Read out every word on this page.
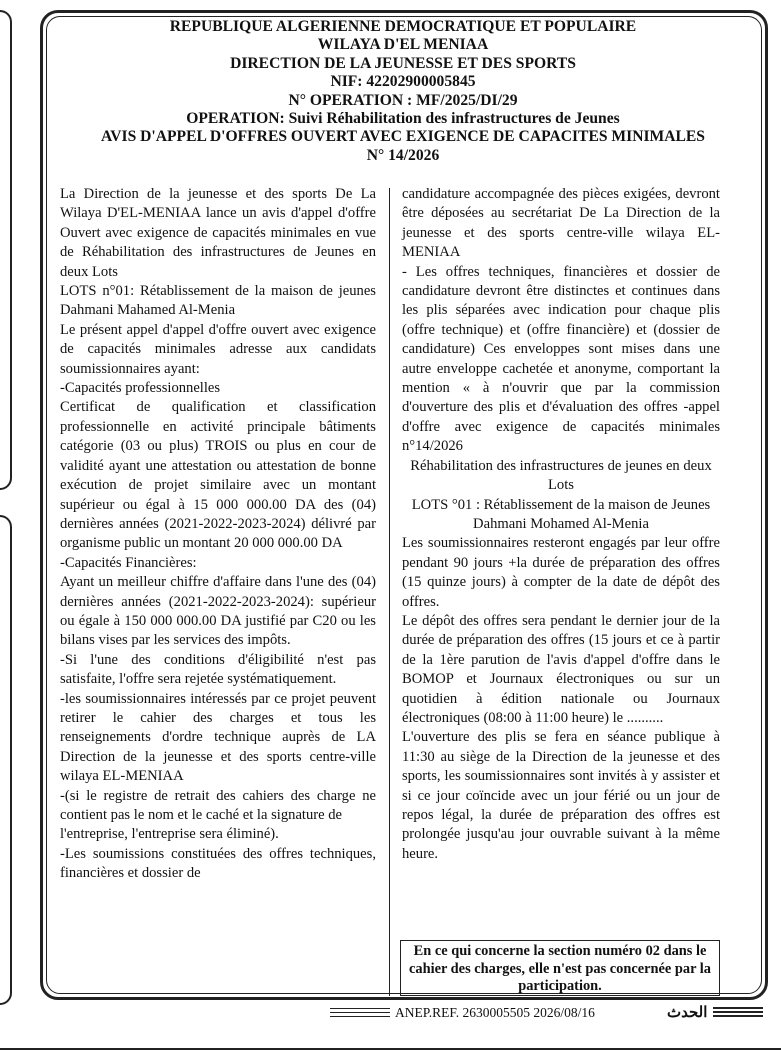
REPUBLIQUE ALGERIENNE DEMOCRATIQUE ET POPULAIRE
WILAYA D'EL MENIAA
DIRECTION DE LA JEUNESSE ET DES SPORTS
NIF: 42202900005845
N° OPERATION : MF/2025/DI/29
OPERATION: Suivi Réhabilitation des infrastructures de Jeunes
AVIS D'APPEL D'OFFRES OUVERT AVEC EXIGENCE DE CAPACITES MINIMALES
N° 14/2026

La Direction de la jeunesse et des sports De La Wilaya D'EL-MENIAA lance un avis d'appel d'offre Ouvert avec exigence de capacités minimales en vue de Réhabilitation des infrastructures de Jeunes en deux Lots

LOTS n°01: Rétablissement de la maison de jeunes Dahmani Mahamed Al-Menia

Le présent appel d'appel d'offre ouvert avec exigence de capacités minimales adresse aux candidats soumissionnaires ayant:

-Capacités professionnelles

Certificat de qualification et classification professionnelle en activité principale bâtiments catégorie (03 ou plus) TROIS ou plus en cour de validité ayant une attestation ou attestation de bonne exécution de projet similaire avec un montant supérieur ou égal à 15 000 000.00 DA des (04) dernières années (2021-2022-2023-2024) délivré par organisme public un montant 20 000 000.00 DA

-Capacités Financières:

Ayant un meilleur chiffre d'affaire dans l'une des (04) dernières années (2021-2022-2023-2024): supérieur ou égale à 150 000 000.00 DA justifié par C20 ou les bilans vises par les services des impôts.

-Si l'une des conditions d'éligibilité n'est pas satisfaite, l'offre sera rejetée systématiquement.

-les soumissionnaires intéressés par ce projet peuvent retirer le cahier des charges et tous les renseignements d'ordre technique auprès de LA Direction de la jeunesse et des sports centre-ville wilaya EL-MENIAA

-(si le registre de retrait des cahiers des charge ne contient pas le nom et le caché et la signature de

l'entreprise, l'entreprise sera éliminé).

-Les soumissions constituées des offres techniques, financières et dossier de

candidature accompagnée des pièces exigées, devront être déposées au secrétariat De La Direction de la jeunesse et des sports centre-ville wilaya EL-MENIAA

- Les offres techniques, financières et dossier de candidature devront être distinctes et continues dans les plis séparées avec indication pour chaque plis (offre technique) et (offre financière) et (dossier de candidature) Ces enveloppes sont mises dans une autre enveloppe cachetée et anonyme, comportant la mention « à n'ouvrir que par la commission d'ouverture des plis et d'évaluation des offres -appel d'offre avec exigence de capacités minimales n°14/2026

Réhabilitation des infrastructures de jeunes en deux Lots

LOTS °01 : Rétablissement de la maison de Jeunes Dahmani Mohamed Al-Menia

Les soumissionnaires resteront engagés par leur offre pendant 90 jours +la durée de préparation des offres (15 quinze jours) à compter de la date de dépôt des offres.

Le dépôt des offres sera pendant le dernier jour de la durée de préparation des offres (15 jours et ce à partir de la 1ère parution de l'avis d'appel d'offre dans le BOMOP et Journaux électroniques ou sur un quotidien à édition nationale ou Journaux électroniques (08:00 à 11:00 heure) le ..........

L'ouverture des plis se fera en séance publique à 11:30 au siège de la Direction de la jeunesse et des sports, les soumissionnaires sont invités à y assister et si ce jour coïncide avec un jour férié ou un jour de repos légal, la durée de préparation des offres est prolongée jusqu'au jour ouvrable suivant à la même heure.

En ce qui concerne la section numéro 02 dans le cahier des charges, elle n'est pas concernée par la participation.
ANEP.REF. 2630005505 2026/08/16	الحدث
